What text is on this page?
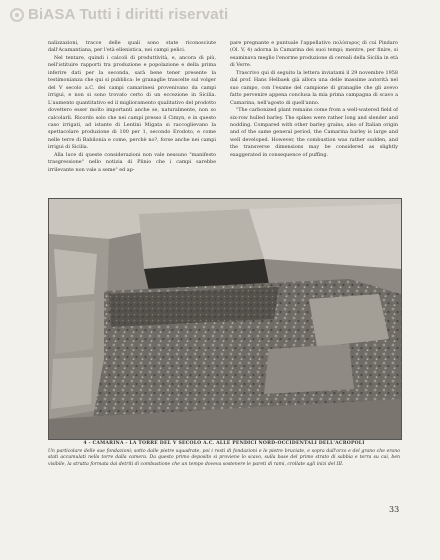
BiASA Tutti i diritti riservati

nalizzazioni, tracce delle quali sono state riconosciute dall'Acamantiana, per l'età ellenistica, nei campi pelici.

Nel tentare, quindi i calcoli di produttività, e, ancora di più, nell'istituire rapporti tra produzione e popolazione e della prima inferire dati per la seconda, sarà bene tener presente la testimonianza che qui si pubblica: le granaglie trascelte sul volger del V secolo a.C. dei campi camarinesi provenivano da campi irrigui, e non si sono trovato certo di un eccezione in Sicilia. L'aumento quantitativo ed il miglioramento qualitativo del prodotto dovettero esser molto importanti anche se, naturalmente, non so calcolarli. Ricordo solo che nei campi presso il Cimyn, e in questo caso irrigati, ad istante di Lentini Migata si raccoglievano la spettacolare produzione di 100 per 1, secondo Erodoto, e come nelle terre di Babilonia e come, perchè no?, forse anche nei campi irrigui di Sicilia.

Alla luce di queste considerazioni non vale nessuno "manifesto trasgressione" nello notizia di Plinio che i campi sarebbe irrilevante non vale a seme" ed ap-

pare pregnante e puntuale l'appellativo πολύπυρος di cui Pindaro (Ol. V, 4) adorna la Camarina dei suoi tempi; mentre, per finire, si esaminava meglio l'enorme produzione di cereali della Sicilia in età di Verre.

Trascrivo qui di seguito la lettera inviatami il 29 novembre 1958 dal prof. Hans Helbaek già allora una delle massime autorità nel suo campo, con l'esame del campione di granaglie che gli avevo fatto pervenire appena conclusa la mia prima campagna di scavo a Camarina, nell'agosto di quell'anno.

"The carbonized plant remains come from a well-watered field of six-row hulled barley. The spikes were rather long and slender and nodding. Compared with other barley grains, also of Italian origin and of the same general period, the Camarina barley is large and well developed. However, the combustion was rather sudden, and the transverse dimensions may be considered as slightly exaggerated in consequence of puffing.

4 - CAMARINA - LA TORRE DEL V SECOLO A.C. ALLE PENDICI NORD-OCCIDENTALI DELL'ACROPOLI
Un particolare delle sue fondazioni; sotto dalle pietre squadrate, poi i resti di fondazioni e le pietre bruciate, e sopra dall'orzo e del grano che erano stati accumulati nella torre dalla camera. Da questo primo deposito si proviene lo scavo, sulla base del primo strato di sabbia e terra su cui, ben visibile, la strutta formata dai detriti di combustione che un tempo doveva sostenere le pareti di rami, crollate agli inizi del III.
33
